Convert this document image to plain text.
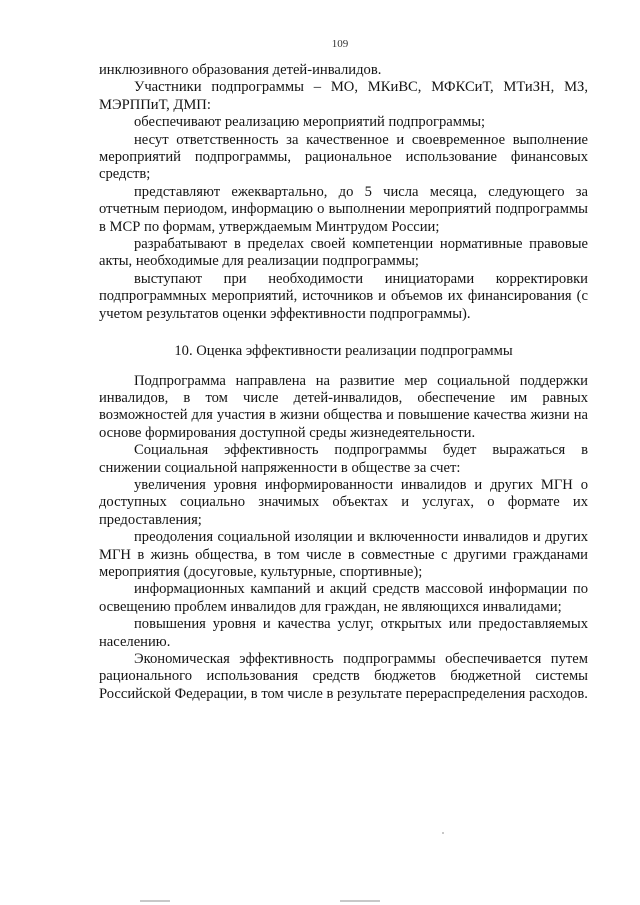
109

инклюзивного образования детей-инвалидов.

Участники подпрограммы – МО, МКиВС, МФКСиТ, МТиЗН, МЗ, МЭРППиТ, ДМП:

обеспечивают реализацию мероприятий подпрограммы;

несут ответственность за качественное и своевременное выполнение мероприятий подпрограммы, рациональное использование финансовых средств;

представляют ежеквартально, до 5 числа месяца, следующего за отчетным периодом, информацию о выполнении мероприятий подпрограммы в МСР по формам, утверждаемым Минтрудом России;

разрабатывают в пределах своей компетенции нормативные правовые акты, необходимые для реализации подпрограммы;

выступают при необходимости инициаторами корректировки подпрограммных мероприятий, источников и объемов их финансирования (с учетом результатов оценки эффективности подпрограммы).

10. Оценка эффективности реализации подпрограммы

Подпрограмма направлена на развитие мер социальной поддержки инвалидов, в том числе детей-инвалидов, обеспечение им равных возможностей для участия в жизни общества и повышение качества жизни на основе формирования доступной среды жизнедеятельности.

Социальная эффективность подпрограммы будет выражаться в снижении социальной напряженности в обществе за счет:

увеличения уровня информированности инвалидов и других МГН о доступных социально значимых объектах и услугах, о формате их предоставления;

преодоления социальной изоляции и включенности инвалидов и других МГН в жизнь общества, в том числе в совместные с другими гражданами мероприятия (досуговые, культурные, спортивные);

информационных кампаний и акций средств массовой информации по освещению проблем инвалидов для граждан, не являющихся инвалидами;

повышения уровня и качества услуг, открытых или предоставляемых населению.

Экономическая эффективность подпрограммы обеспечивается путем рационального использования средств бюджетов бюджетной системы Российской Федерации, в том числе в результате перераспределения расходов.
